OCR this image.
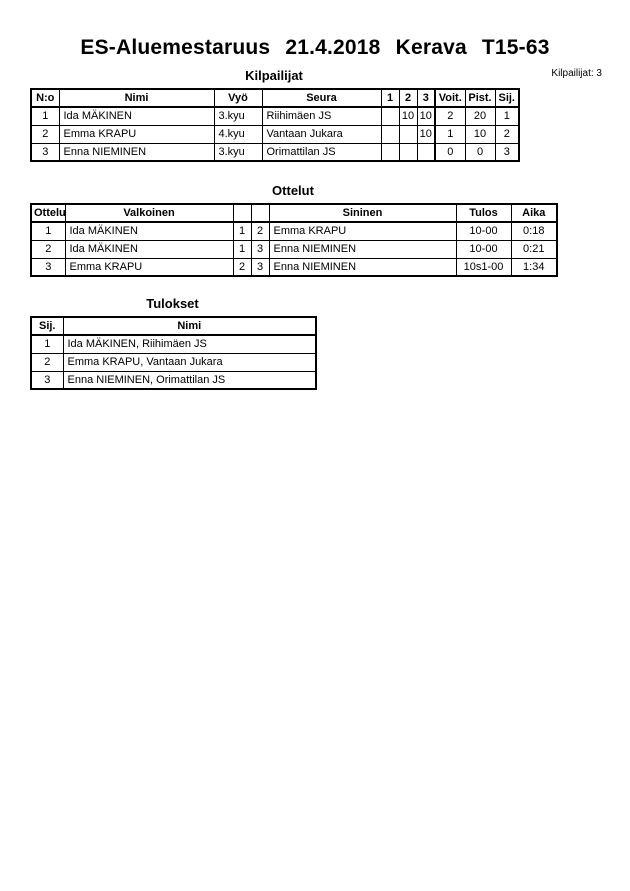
ES-Aluemestaruus 21.4.2018 Kerava T15-63
Kilpailijat: 3
Kilpailijat
N:o	Nimi	Vyö	Seura	1	2	3	Voit.	Pist.	Sij.
1	Ida MÄKINEN	3.kyu	Riihimäen JS		10	10	2	20	1
2	Emma KRAPU	4.kyu	Vantaan Jukara			10	1	10	2
3	Enna NIEMINEN	3.kyu	Orimattilan JS				0	0	3
Ottelut
Ottelu	Valkoinen			Sininen	Tulos	Aika
1	Ida MÄKINEN	1	2	Emma KRAPU	10-00	0:18
2	Ida MÄKINEN	1	3	Enna NIEMINEN	10-00	0:21
3	Emma KRAPU	2	3	Enna NIEMINEN	10s1-00	1:34
Tulokset
Sij.	Nimi
1	Ida MÄKINEN, Riihimäen JS
2	Emma KRAPU, Vantaan Jukara
3	Enna NIEMINEN, Orimattilan JS
